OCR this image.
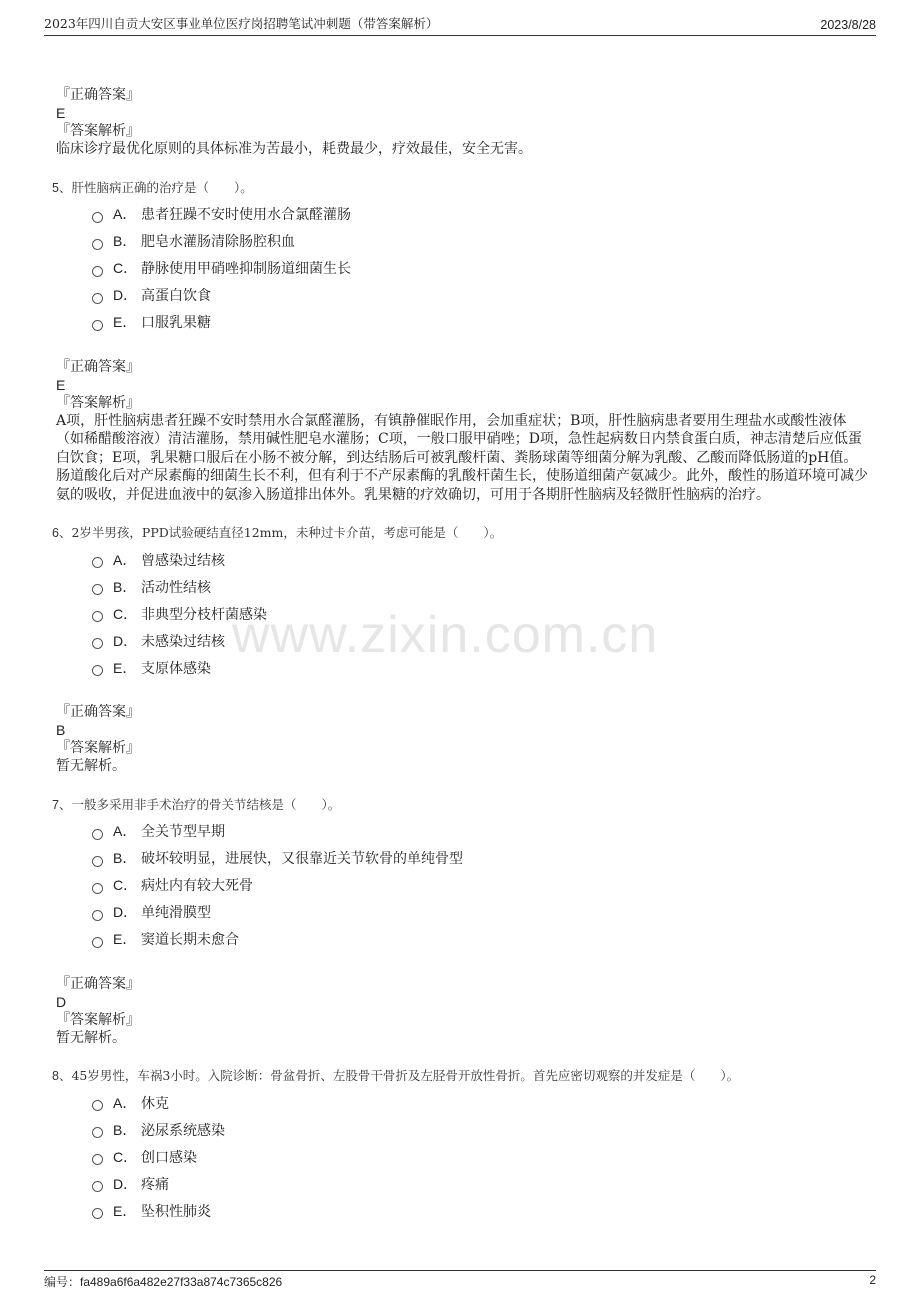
2023年四川自贡大安区事业单位医疗岗招聘笔试冲刺题（带答案解析）	2023/8/28
www.zixin.com.cn

『正确答案』

E

『答案解析』

临床诊疗最优化原则的具体标准为苦最小，耗费最少，疗效最佳，安全无害。

5、肝性脑病正确的治疗是（　　）。

A． 患者狂躁不安时使用水合氯醛灌肠
B． 肥皂水灌肠清除肠腔积血
C． 静脉使用甲硝唑抑制肠道细菌生长
D． 高蛋白饮食
E． 口服乳果糖

『正确答案』

E

『答案解析』

A项，肝性脑病患者狂躁不安时禁用水合氯醛灌肠，有镇静催眠作用，会加重症状；B项，肝性脑病患者要用生理盐水或酸性液体（如稀醋酸溶液）清洁灌肠，禁用碱性肥皂水灌肠；C项，一般口服甲硝唑；D项，急性起病数日内禁食蛋白质，神志清楚后应低蛋白饮食；E项，乳果糖口服后在小肠不被分解，到达结肠后可被乳酸杆菌、粪肠球菌等细菌分解为乳酸、乙酸而降低肠道的pH值。肠道酸化后对产尿素酶的细菌生长不利，但有利于不产尿素酶的乳酸杆菌生长，使肠道细菌产氨减少。此外，酸性的肠道环境可减少氨的吸收，并促进血液中的氨渗入肠道排出体外。乳果糖的疗效确切，可用于各期肝性脑病及轻微肝性脑病的治疗。

6、2岁半男孩，PPD试验硬结直径12mm，未种过卡介苗，考虑可能是（　　）。

A． 曾感染过结核
B． 活动性结核
C． 非典型分枝杆菌感染
D． 未感染过结核
E． 支原体感染

『正确答案』

B

『答案解析』

暂无解析。

7、一般多采用非手术治疗的骨关节结核是（　　）。

A． 全关节型早期
B． 破坏较明显，进展快，又很靠近关节软骨的单纯骨型
C． 病灶内有较大死骨
D． 单纯滑膜型
E． 窦道长期未愈合

『正确答案』

D

『答案解析』

暂无解析。

8、45岁男性，车祸3小时。入院诊断：骨盆骨折、左股骨干骨折及左胫骨开放性骨折。首先应密切观察的并发症是（　　）。

A． 休克
B． 泌尿系统感染
C． 创口感染
D． 疼痛
E． 坠积性肺炎
编号：fa489a6f6a482e27f33a874c7365c826	2
